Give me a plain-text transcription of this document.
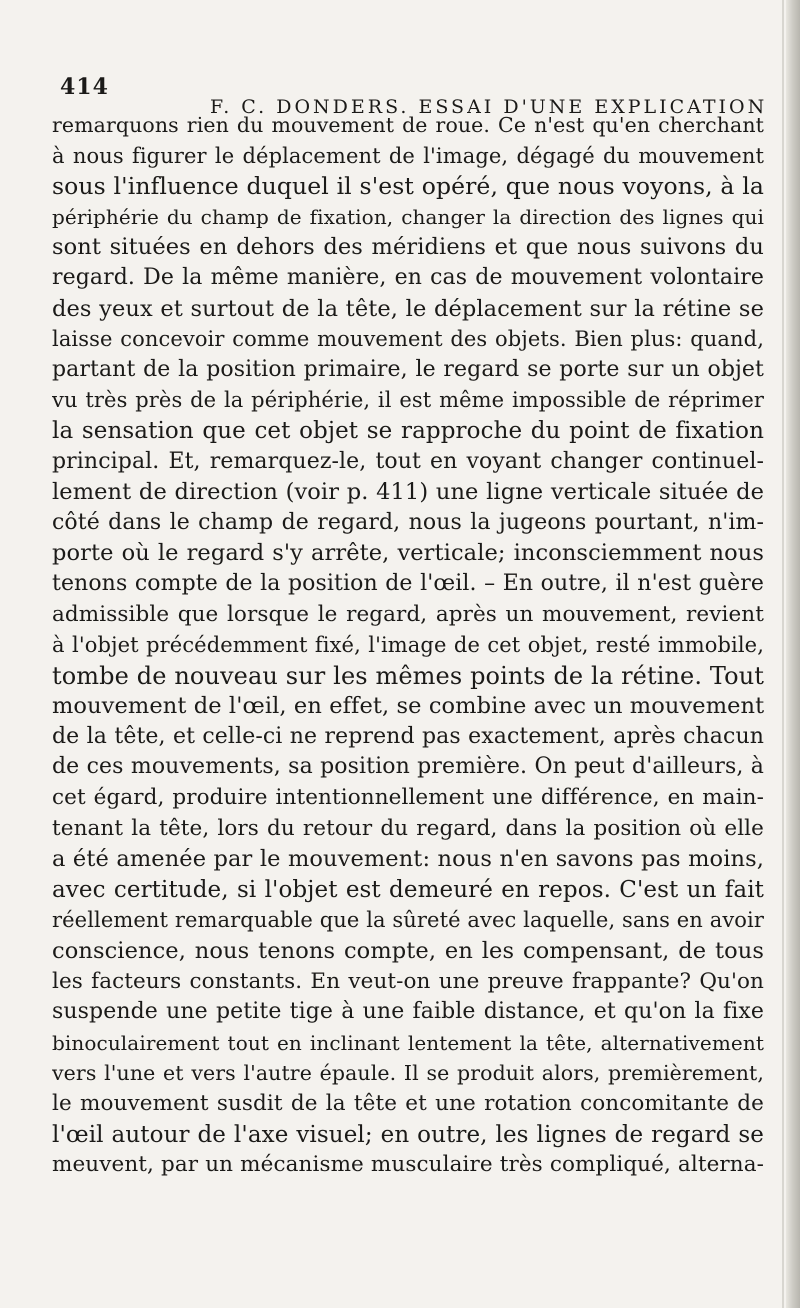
414
F. C. DONDERS. ESSAI D'UNE EXPLICATION
remarquons rien du mouvement de roue. Ce n'est qu'en cherchant
à nous figurer le déplacement de l'image, dégagé du mouvement
sous l'influence duquel il s'est opéré, que nous voyons, à la
périphérie du champ de fixation, changer la direction des lignes qui
sont situées en dehors des méridiens et que nous suivons du
regard. De la même manière, en cas de mouvement volontaire
des yeux et surtout de la tête, le déplacement sur la rétine se
laisse concevoir comme mouvement des objets. Bien plus: quand,
partant de la position primaire, le regard se porte sur un objet
vu très près de la périphérie, il est même impossible de réprimer
la sensation que cet objet se rapproche du point de fixation
principal. Et, remarquez-le, tout en voyant changer continuel-
lement de direction (voir p. 411) une ligne verticale située de
côté dans le champ de regard, nous la jugeons pourtant, n'im-
porte où le regard s'y arrête, verticale; inconsciemment nous
tenons compte de la position de l'œil. – En outre, il n'est guère
admissible que lorsque le regard, après un mouvement, revient
à l'objet précédemment fixé, l'image de cet objet, resté immobile,
tombe de nouveau sur les mêmes points de la rétine. Tout
mouvement de l'œil, en effet, se combine avec un mouvement
de la tête, et celle-ci ne reprend pas exactement, après chacun
de ces mouvements, sa position première. On peut d'ailleurs, à
cet égard, produire intentionnellement une différence, en main-
tenant la tête, lors du retour du regard, dans la position où elle
a été amenée par le mouvement: nous n'en savons pas moins,
avec certitude, si l'objet est demeuré en repos. C'est un fait
réellement remarquable que la sûreté avec laquelle, sans en avoir
conscience, nous tenons compte, en les compensant, de tous
les facteurs constants. En veut-on une preuve frappante? Qu'on
suspende une petite tige à une faible distance, et qu'on la fixe
binoculairement tout en inclinant lentement la tête, alternativement
vers l'une et vers l'autre épaule. Il se produit alors, premièrement,
le mouvement susdit de la tête et une rotation concomitante de
l'œil autour de l'axe visuel; en outre, les lignes de regard se
meuvent, par un mécanisme musculaire très compliqué, alterna-
